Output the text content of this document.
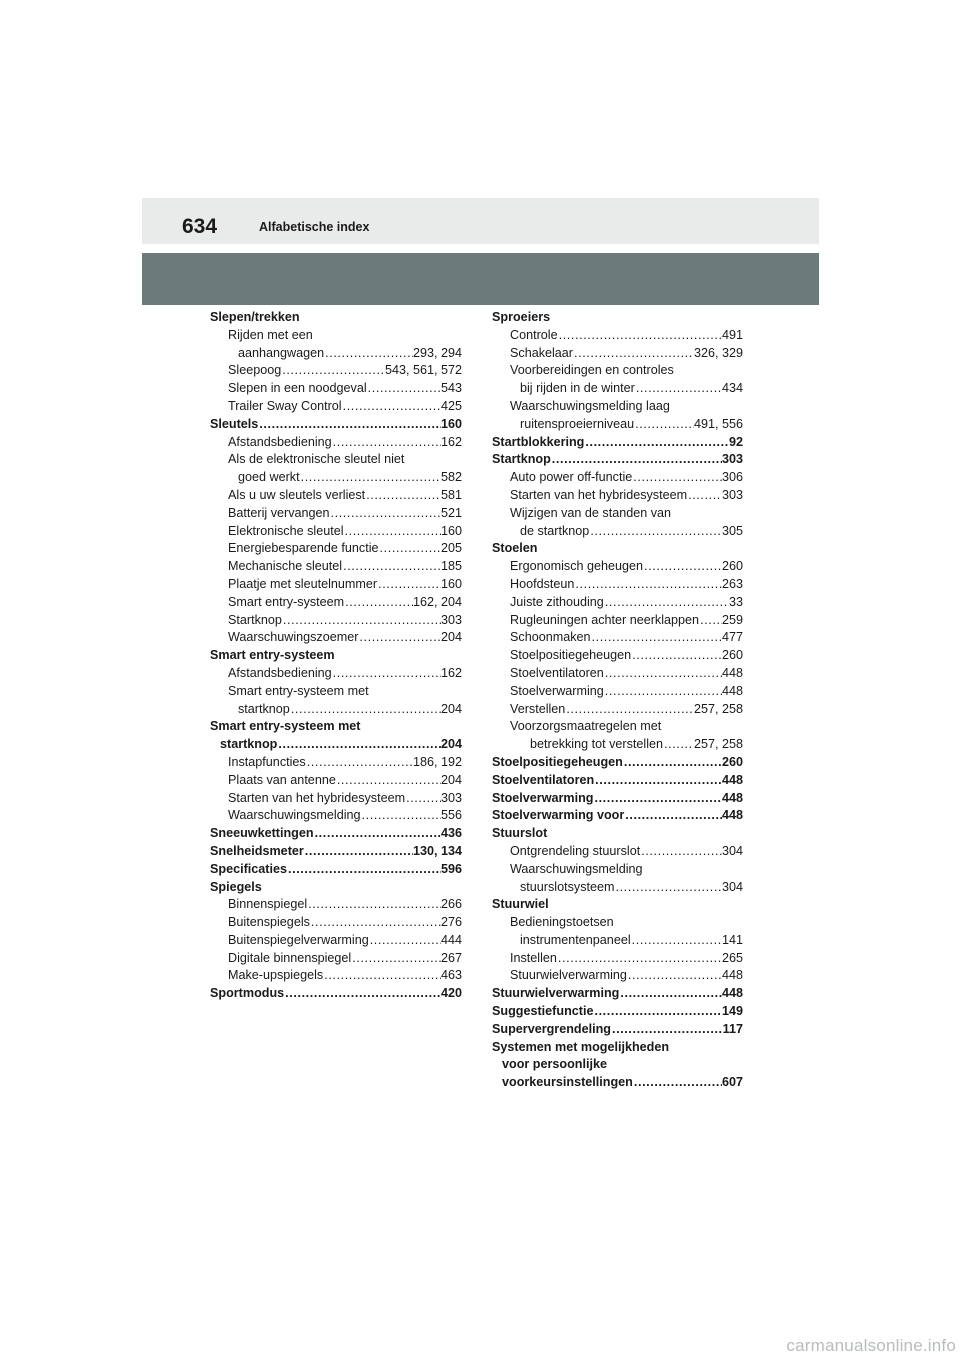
634	Alfabetische index
Slepen/trekken
Rijden met een
aanhangwagen .....	293, 294
Sleepoog .....	543, 561, 572
Slepen in een noodgeval .....	543
Trailer Sway Control .....	425
Sleutels .....	160
Afstandsbediening .....	162
Als de elektronische sleutel niet
goed werkt .....	582
Als u uw sleutels verliest .....	581
Batterij vervangen .....	521
Elektronische sleutel .....	160
Energiebesparende functie .....	205
Mechanische sleutel .....	185
Plaatje met sleutelnummer .....	160
Smart entry-systeem .....	162, 204
Startknop .....	303
Waarschuwingszoemer .....	204
Smart entry-systeem
Afstandsbediening .....	162
Smart entry-systeem met
startknop .....	204
Smart entry-systeem met
startknop .....	204
Instapfuncties .....	186, 192
Plaats van antenne .....	204
Starten van het hybridesysteem .....	303
Waarschuwingsmelding .....	556
Sneeuwkettingen .....	436
Snelheidsmeter .....	130, 134
Specificaties .....	596
Spiegels
Binnenspiegel .....	266
Buitenspiegels .....	276
Buitenspiegelverwarming .....	444
Digitale binnenspiegel .....	267
Make-upspiegels .....	463
Sportmodus .....	420
Sproeiers
Controle .....	491
Schakelaar .....	326, 329
Voorbereidingen en controles
bij rijden in de winter .....	434
Waarschuwingsmelding laag
ruitensproeierniveau .....	491, 556
Startblokkering .....	92
Startknop .....	303
Auto power off-functie .....	306
Starten van het hybridesysteem .....	303
Wijzigen van de standen van
de startknop .....	305
Stoelen
Ergonomisch geheugen .....	260
Hoofdsteun .....	263
Juiste zithouding .....	33
Rugleuningen achter neerklappen ..... 259
Schoonmaken .....	477
Stoelpositiegeheugen .....	260
Stoelventilatoren .....	448
Stoelverwarming .....	448
Verstellen .....	257, 258
Voorzorgsmaatregelen met
betrekking tot verstellen ..... 257, 258
Stoelpositiegeheugen .....	260
Stoelventilatoren .....	448
Stoelverwarming .....	448
Stoelverwarming voor .....	448
Stuurslot
Ontgrendeling stuurslot .....	304
Waarschuwingsmelding
stuurslotsysteem .....	304
Stuurwiel
Bedieningstoetsen
instrumentenpaneel .....	141
Instellen .....	265
Stuurwielverwarming .....	448
Stuurwielverwarming .....	448
Suggestiefunctie .....	149
Supervergrendeling .....	117
Systemen met mogelijkheden
voor persoonlijke
voorkeursinstellingen .....	607
carmanualsonline.info
